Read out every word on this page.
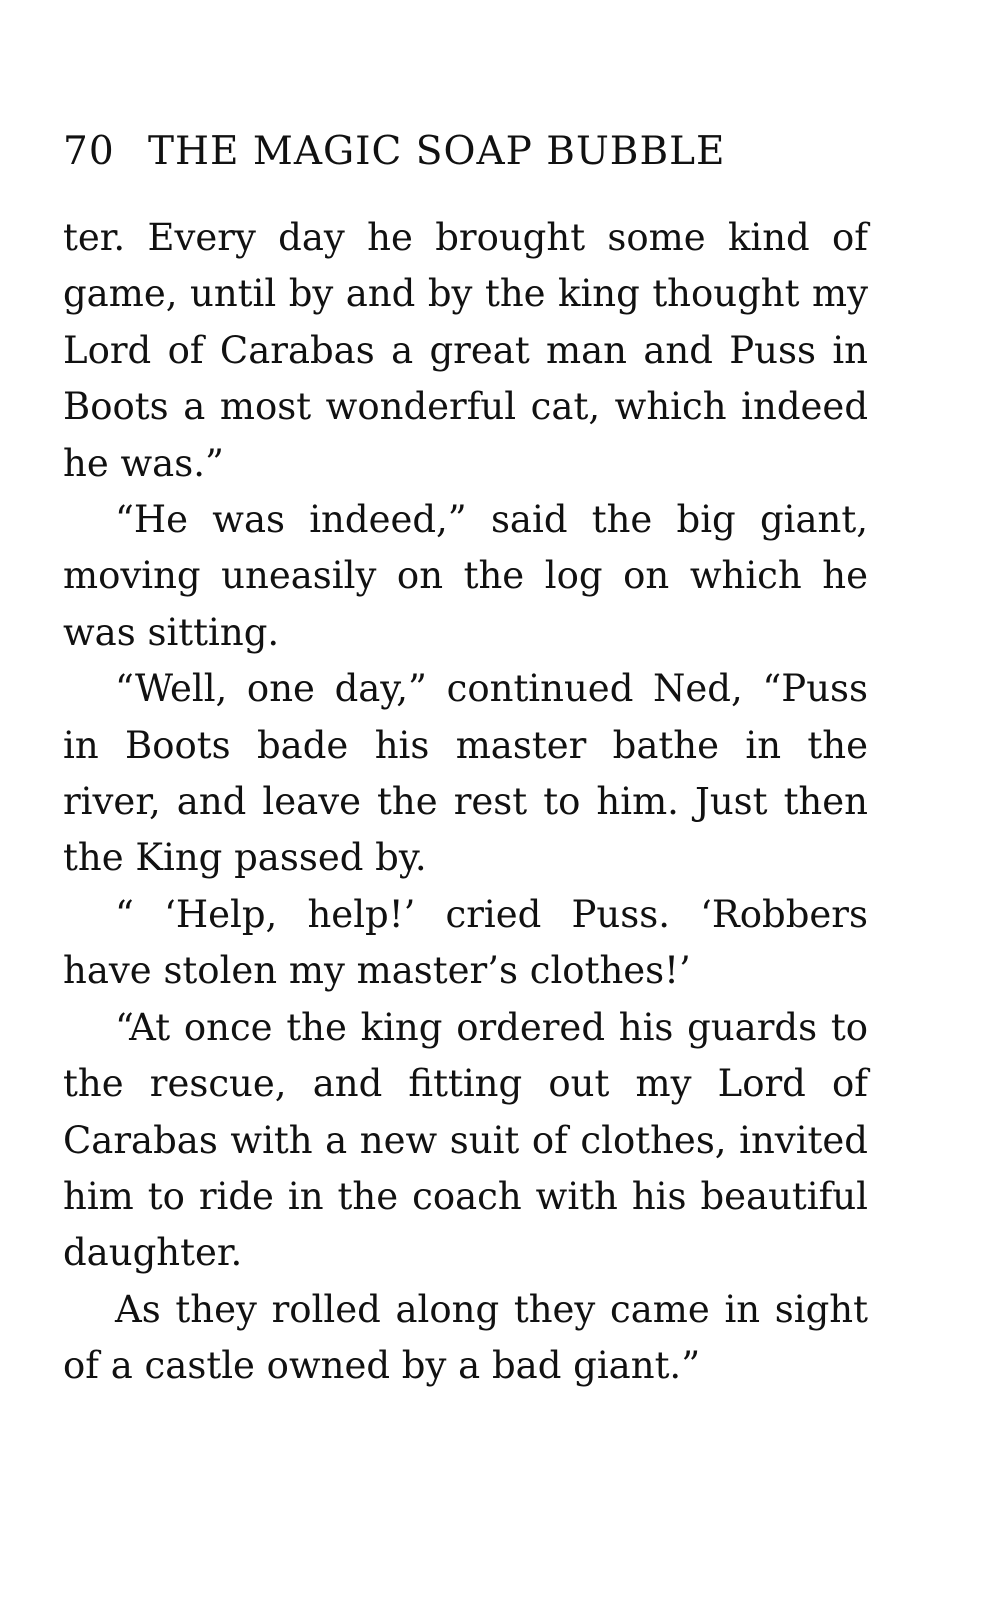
70 THE MAGIC SOAP BUBBLE

ter. Every day he brought some kind of game, until by and by the king thought my Lord of Carabas a great man and Puss in Boots a most wonderful cat, which indeed he was.”

“He was indeed,” said the big giant, moving uneasily on the log on which he was sitting.

“Well, one day,” continued Ned, “Puss in Boots bade his master bathe in the river, and leave the rest to him. Just then the King passed by.

“ ‘Help, help!’ cried Puss. ‘Robbers have stolen my master’s clothes!’

“At once the king ordered his guards to the rescue, and fitting out my Lord of Carabas with a new suit of clothes, invited him to ride in the coach with his beautiful daughter.

As they rolled along they came in sight of a castle owned by a bad giant.”
